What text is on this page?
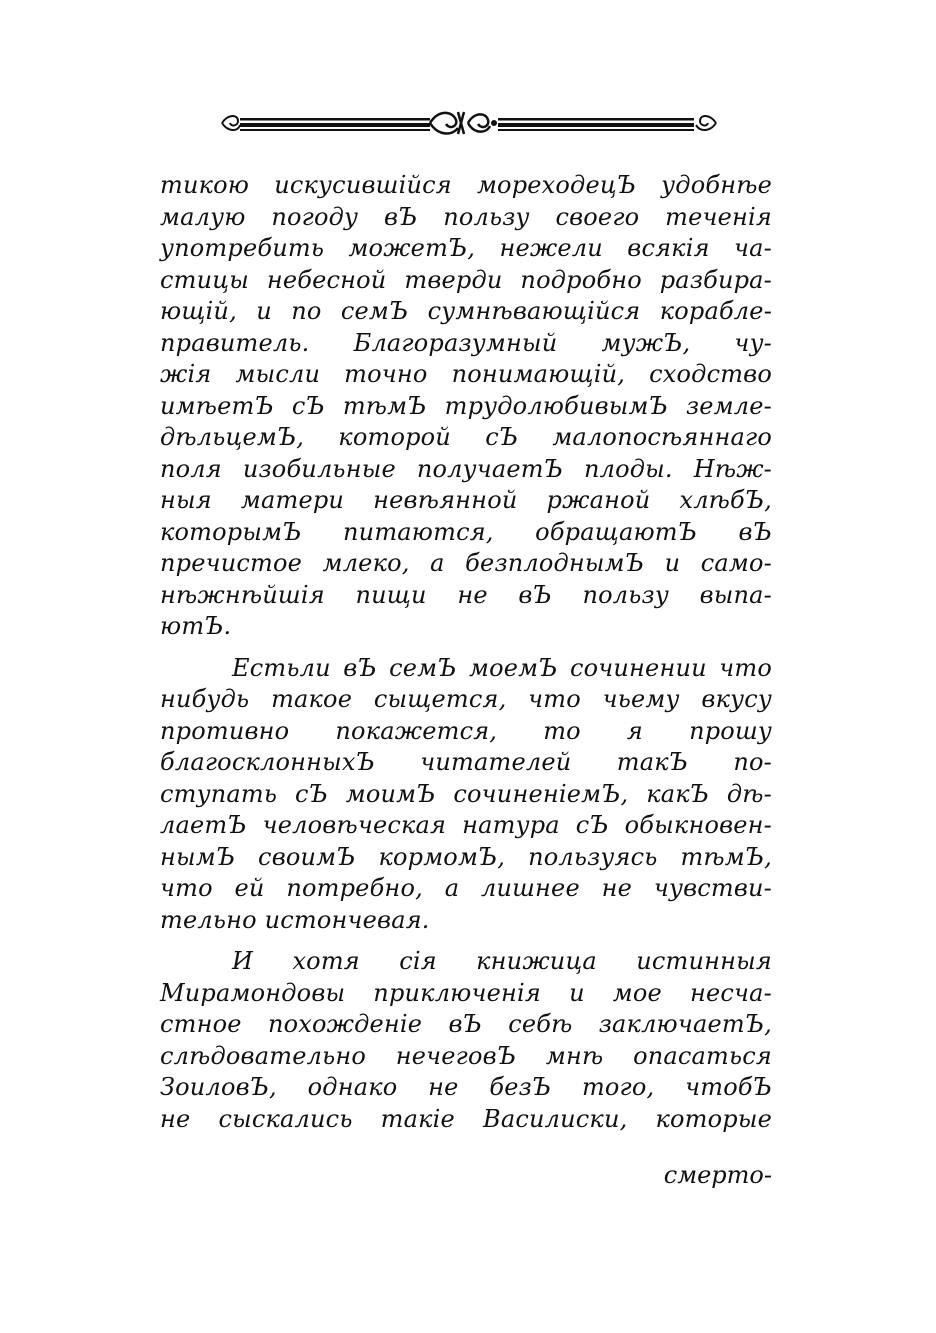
тикою искусившійся мореходецЪ удобнѣе
малую погоду вЪ пользу своего теченія
употребить можетЪ, нежели всякія ча-
стицы небесной тверди подробно разбира-
ющій, и по семЪ сумнѣвающійся корабле-
правитель. Благоразумный мужЪ, чу-
жія мысли точно понимающій, сходство
имѣетЪ сЪ тѣмЪ трудолюбивымЪ земле-
дѣльцемЪ, которой сЪ малопосѣяннаго
поля изобильные получаетЪ плоды. Нѣж-
ныя матери невѣянной ржаной хлѣбЪ,
которымЪ питаются, обращаютЪ вЪ
пречистое млеко, а безплоднымЪ и само-
нѣжнѣйшія пищи не вЪ пользу выпа-
ютЪ.
Естьли вЪ семЪ моемЪ сочинении что
нибудь такое сыщется, что чьему вкусу
противно покажется, то я прошу
благосклонныхЪ читателей такЪ по-
ступать сЪ моимЪ сочиненіемЪ, какЪ дѣ-
лаетЪ человѣческая натура сЪ обыкновен-
нымЪ своимЪ кормомЪ, пользуясь тѣмЪ,
что ей потребно, а лишнее не чувстви-
тельно истончевая.
И хотя сія книжица истинныя
Мирамондовы приключенія и мое несча-
стное похожденіе вЪ себѣ заключаетЪ,
слѣдовательно нечеговЪ мнѣ опасаться
ЗоиловЪ, однако не безЪ того, чтобЪ
не сыскались такіе Василиски, которые
смерто-
